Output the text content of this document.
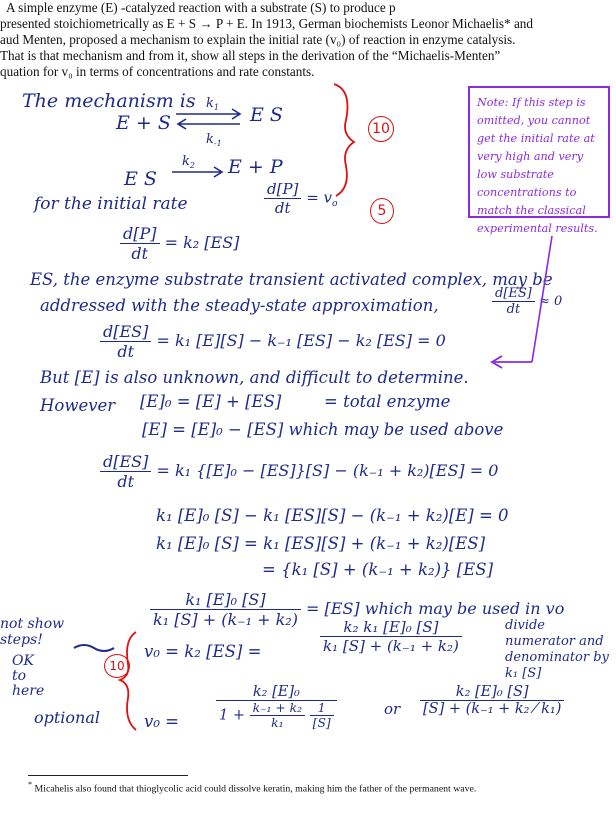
A simple enzyme (E) -catalyzed reaction with a substrate (S) to produce p
presented stoichiometrically as E + S → P + E. In 1913, German biochemists Leonor Michaelis* and
aud Menten, proposed a mechanism to explain the initial rate (v₀) of reaction in enzyme catalysis.
That is that mechanism and from it, show all steps in the derivation of the “Michaelis-Menten”
quation for v₀ in terms of concentrations and rate constants.
Note: If this step is omitted, you cannot get the initial rate at very high and very low substrate concentrations to match the classical experimental results.
The mechanism is $k_1$
E + S	E S
$k_{-1}$
E S
$k_2$ E + P
for the initial rate	$\frac{d[P]}{dt} = v_o$
$\frac{d[P]}{dt} = k_2$ [ES]
ES, the enzyme substrate transient activated complex, may be
addressed with the steady-state approximation,	$\frac{d[ES]}{dt} \approx 0$
$\frac{d[ES]}{dt} = k_1$ [E][S] − k₋₁ [ES] − k₂ [ES] = 0
But [E] is also unknown, and difficult to determine.
However [E]₀ = [E] + [ES]	= total enzyme
[E] = [E]₀ − [ES] which may be used above
$\frac{d[ES]}{dt} = k_1$ {[E]₀ − [ES]}[S] − (k₋₁ + k₂)[ES] = 0
k₁ [E]₀ [S] − k₁ [ES][S] − (k₋₁ + k₂)[E] = 0
k₁ [E]₀ [S] = k₁ [ES][S] + (k₋₁ + k₂)[ES]
= {k₁ [S] + (k₋₁ + k₂)} [ES]
$\frac{\text{k₁ [E]₀ [S]}}{\text{k₁ [S] + (k₋₁ + k₂)}} = [ES]$ which may be used in vo
v₀ = k₂ [ES] =	$\frac{\text{k₂ k₁ [E]₀ [S]}}{\text{k₁ [S] + (k₋₁ + k₂)}}$	divide numerator and denominator by k₁ [S]
v₀ =	k₂ [E]₀
$1 + \frac{\text{k₋₁ + k₂}}{\text{k₁}}$
$\frac{1}{[S]}$	or $\frac{\text{k₂ [E]₀ [S]}}{\text{[S] + (k₋₁ + k₂ ⁄ k₁)}}$
not show steps!
OK to here
optional
10
5
10
* Micahelis also found that thioglycolic acid could dissolve keratin, making him the father of the permanent wave.
